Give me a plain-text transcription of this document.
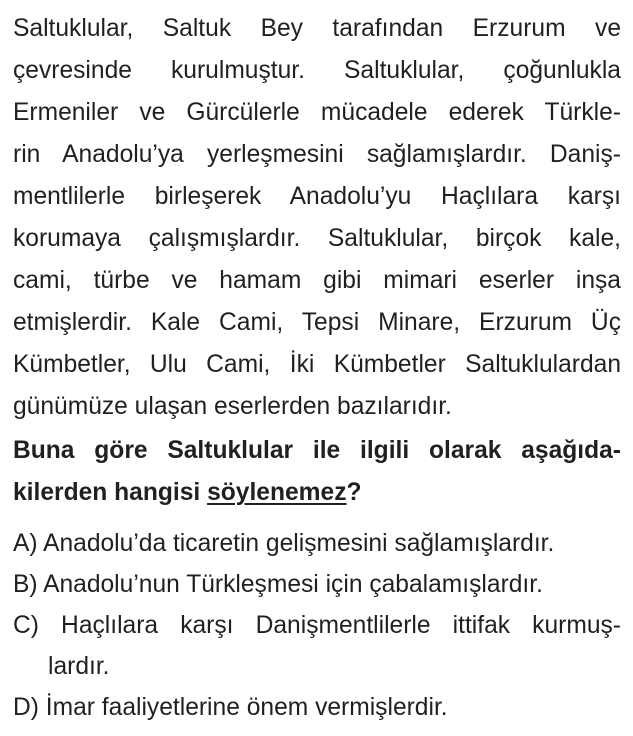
Saltuklular, Saltuk Bey tarafından Erzurum ve
çevresinde kurulmuştur. Saltuklular, çoğunlukla
Ermeniler ve Gürcülerle mücadele ederek Türkle-
rin Anadolu’ya yerleşmesini sağlamışlardır. Daniş-
mentlilerle birleşerek Anadolu’yu Haçlılara karşı
korumaya çalışmışlardır. Saltuklular, birçok kale,
cami, türbe ve hamam gibi mimari eserler inşa
etmişlerdir. Kale Cami, Tepsi Minare, Erzurum Üç
Kümbetler, Ulu Cami, İki Kümbetler Saltuklulardan
günümüze ulaşan eserlerden bazılarıdır.
Buna göre Saltuklular ile ilgili olarak aşağıda-
kilerden hangisi söylenemez?
A) Anadolu’da ticaretin gelişmesini sağlamışlardır.
B) Anadolu’nun Türkleşmesi için çabalamışlardır.
C) Haçlılara karşı Danişmentlilerle ittifak kurmuş-
lardır.
D) İmar faaliyetlerine önem vermişlerdir.
